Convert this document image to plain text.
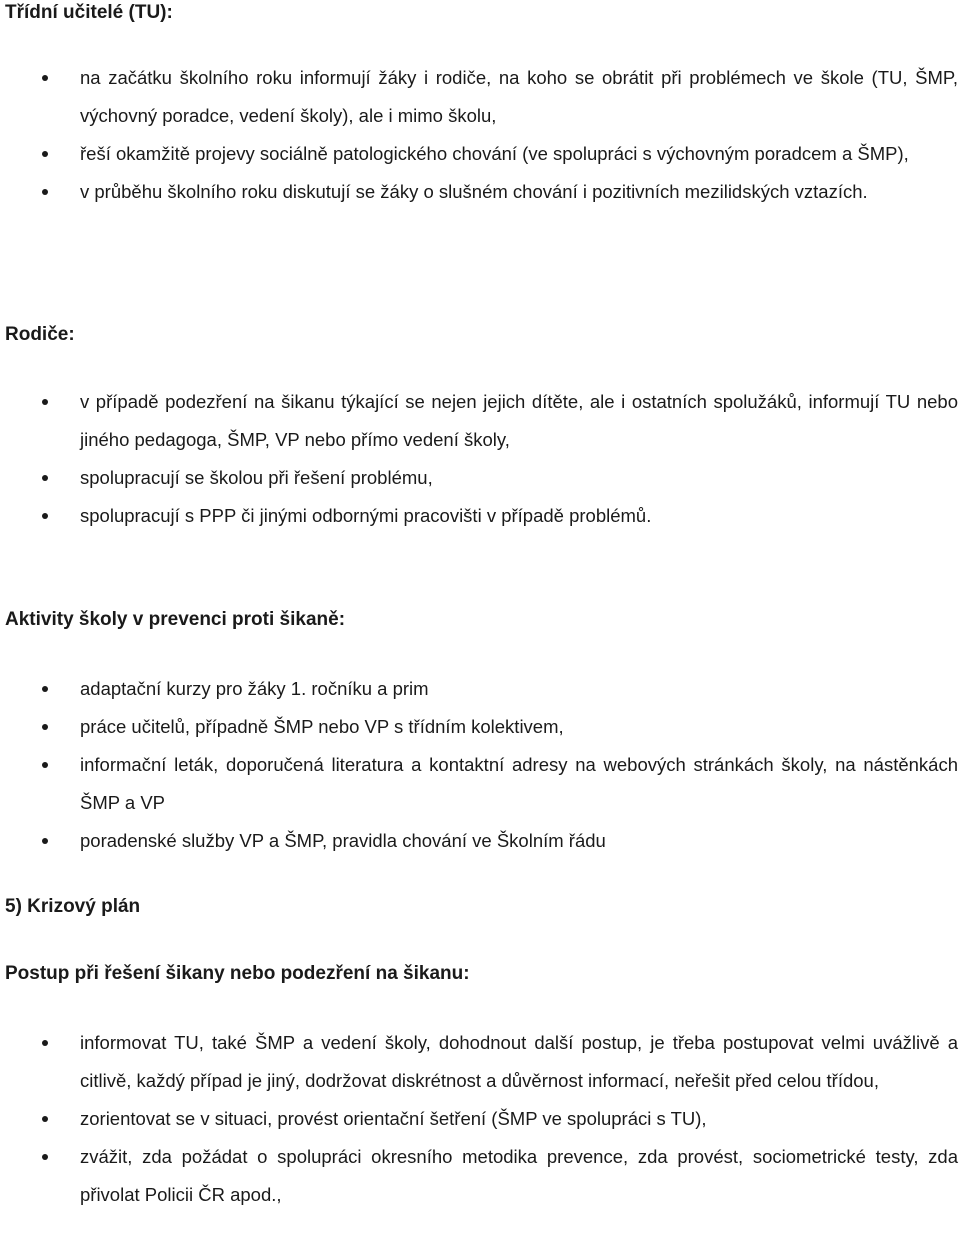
Třídní učitelé (TU):
na začátku školního roku informují žáky i rodiče, na koho se obrátit při problémech ve škole (TU, ŠMP, výchovný poradce, vedení školy), ale i mimo školu,
řeší okamžitě projevy sociálně patologického chování (ve spolupráci s výchovným poradcem a ŠMP),
v průběhu školního roku diskutují se žáky o slušném chování i pozitivních mezilidských vztazích.
Rodiče:
v případě podezření na šikanu týkající se nejen jejich dítěte, ale i ostatních spolužáků, informují TU nebo jiného pedagoga, ŠMP, VP nebo přímo vedení školy,
spolupracují se školou při řešení problému,
spolupracují s PPP či jinými odbornými pracovišti v případě problémů.
Aktivity školy v prevenci proti šikaně:
adaptační kurzy pro žáky 1. ročníku a prim
práce učitelů, případně ŠMP nebo VP s třídním kolektivem,
informační leták, doporučená literatura a kontaktní adresy na webových stránkách školy, na nástěnkách ŠMP a VP
poradenské služby VP a ŠMP, pravidla chování ve Školním řádu
5) Krizový plán
Postup při řešení šikany nebo podezření na šikanu:
informovat TU, také ŠMP a vedení školy, dohodnout další postup, je třeba postupovat velmi uvážlivě a citlivě, každý případ je jiný, dodržovat diskrétnost a důvěrnost informací, neřešit před celou třídou,
zorientovat se v situaci, provést orientační šetření (ŠMP ve spolupráci s TU),
zvážit, zda požádat o spolupráci okresního metodika prevence, zda provést, sociometrické testy, zda přivolat Policii ČR apod.,
